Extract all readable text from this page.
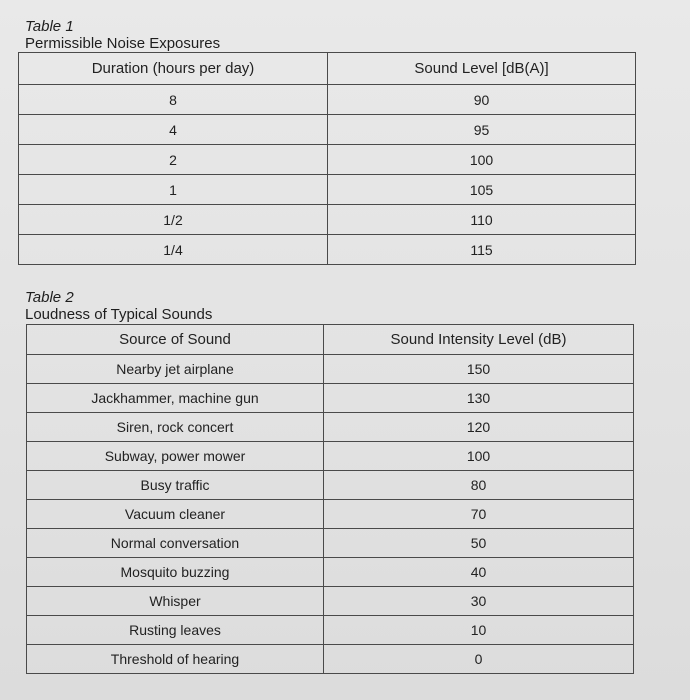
Table 1
Permissible Noise Exposures
Duration (hours per day)	Sound Level [dB(A)]
8	90
4	95
2	100
1	105
1/2	110
1/4	115
Table 2
Loudness of Typical Sounds
Source of Sound	Sound Intensity Level (dB)
Nearby jet airplane	150
Jackhammer, machine gun	130
Siren, rock concert	120
Subway, power mower	100
Busy traffic	80
Vacuum cleaner	70
Normal conversation	50
Mosquito buzzing	40
Whisper	30
Rusting leaves	10
Threshold of hearing	0
